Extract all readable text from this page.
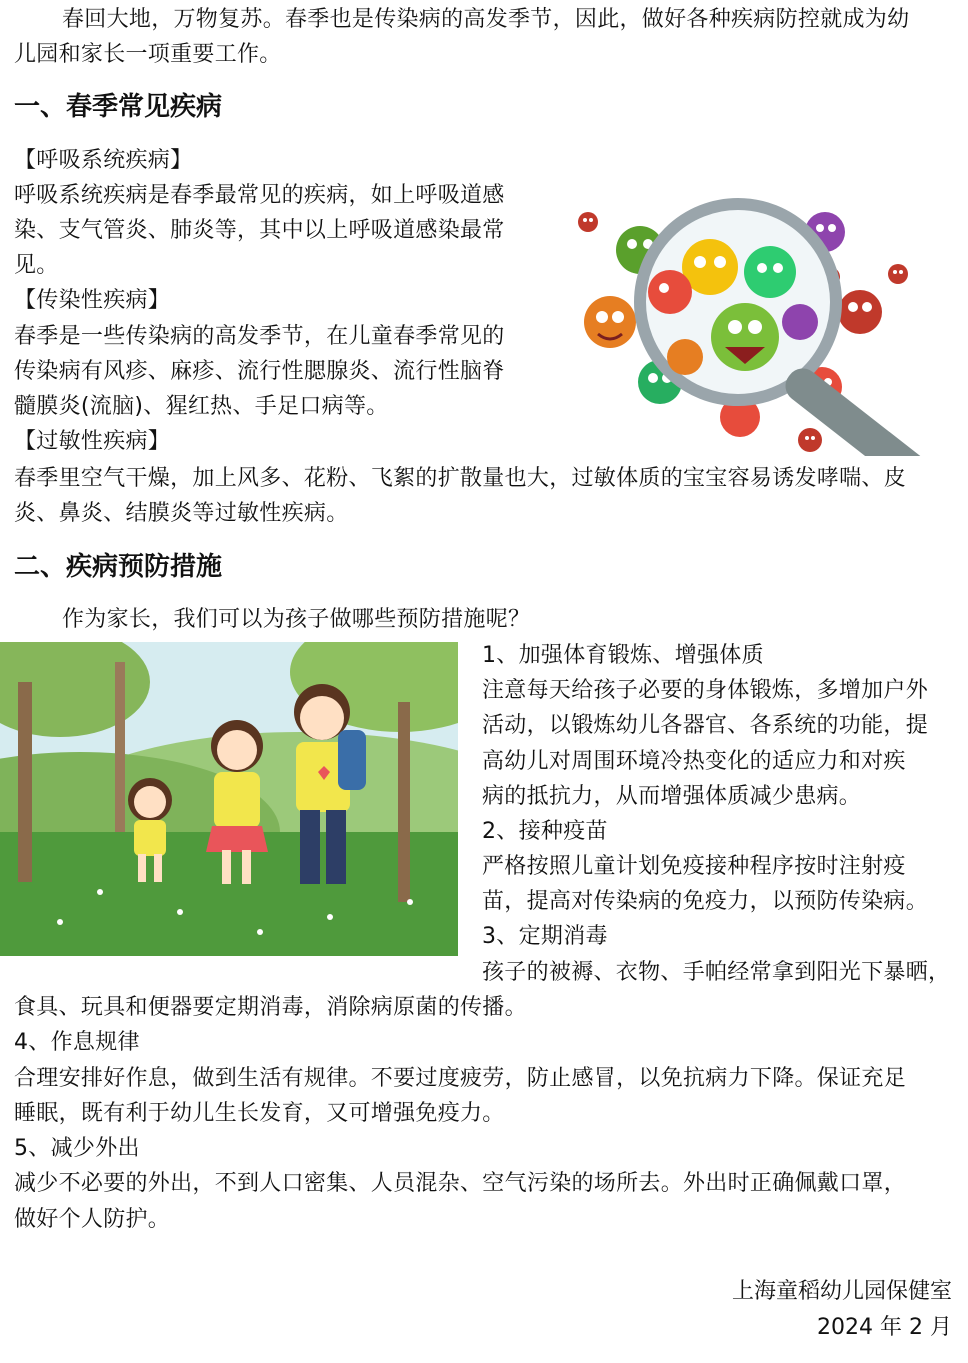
春回大地，万物复苏。春季也是传染病的高发季节，因此，做好各种疾病防控就成为幼
儿园和家长一项重要工作。
一、春季常见疾病
【呼吸系统疾病】
呼吸系统疾病是春季最常见的疾病，如上呼吸道感
染、支气管炎、肺炎等，其中以上呼吸道感染最常
见。
【传染性疾病】
春季是一些传染病的高发季节，在儿童春季常见的
传染病有风疹、麻疹、流行性腮腺炎、流行性脑脊
髓膜炎(流脑)、猩红热、手足口病等。
【过敏性疾病】
春季里空气干燥，加上风多、花粉、飞絮的扩散量也大，过敏体质的宝宝容易诱发哮喘、皮
炎、鼻炎、结膜炎等过敏性疾病。
二、疾病预防措施
作为家长，我们可以为孩子做哪些预防措施呢？
1、加强体育锻炼、增强体质
注意每天给孩子必要的身体锻炼，多增加户外
活动，以锻炼幼儿各器官、各系统的功能，提
高幼儿对周围环境冷热变化的适应力和对疾
病的抵抗力，从而增强体质减少患病。
2、接种疫苗
严格按照儿童计划免疫接种程序按时注射疫
苗，提高对传染病的免疫力，以预防传染病。
3、定期消毒
孩子的被褥、衣物、手帕经常拿到阳光下暴晒，
食具、玩具和便器要定期消毒，消除病原菌的传播。
4、作息规律
合理安排好作息，做到生活有规律。不要过度疲劳，防止感冒，以免抗病力下降。保证充足
睡眠，既有利于幼儿生长发育，又可增强免疫力。
5、减少外出
减少不必要的外出，不到人口密集、人员混杂、空气污染的场所去。外出时正确佩戴口罩，
做好个人防护。
上海童稻幼儿园保健室
2024 年 2 月
